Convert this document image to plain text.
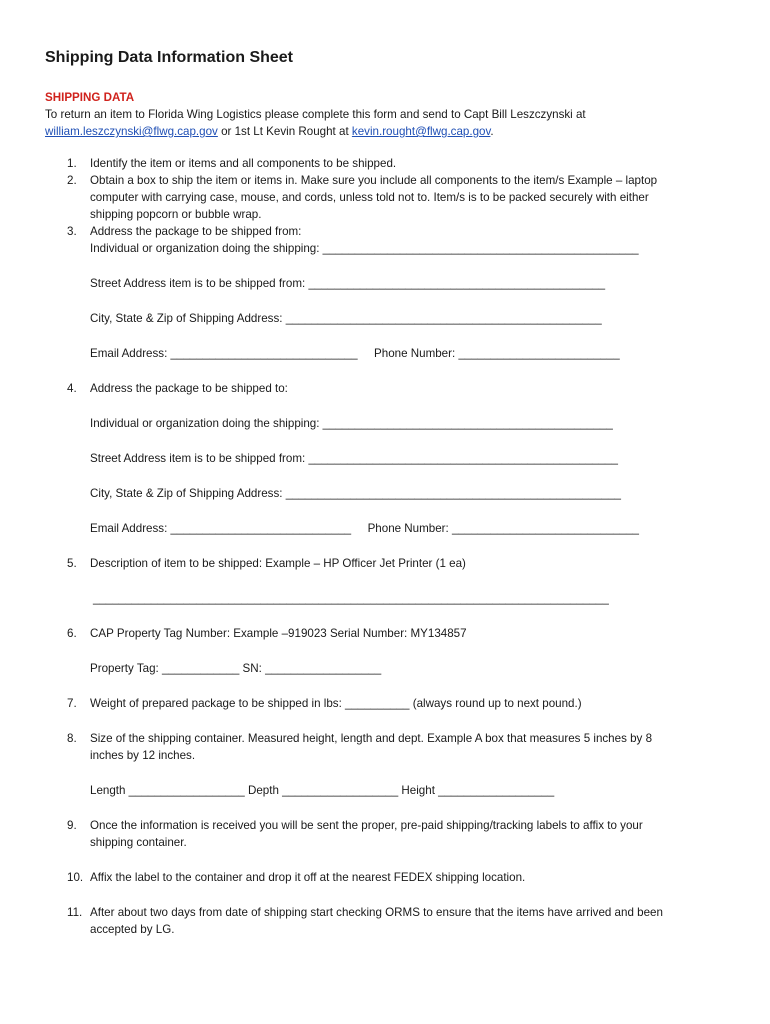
Shipping Data Information Sheet
SHIPPING DATA

To return an item to Florida Wing Logistics please complete this form and send to Capt Bill Leszczynski at
william.leszczynski@flwg.cap.gov or 1st Lt Kevin Rought at kevin.rought@flwg.cap.gov.

1. Identify the item or items and all components to be shipped.
2. Obtain a box to ship the item or items in. Make sure you include all components to the item/s Example – laptop
computer with carrying case, mouse, and cords, unless told not to. Item/s is to be packed securely with either
shipping popcorn or bubble wrap.
3. Address the package to be shipped from:
Individual or organization doing the shipping: _________________________________________________
Street Address item is to be shipped from: ______________________________________________
City, State & Zip of Shipping Address: _________________________________________________
Email Address: _____________________________ Phone Number: _________________________
4. Address the package to be shipped to:
Individual or organization doing the shipping: _____________________________________________
Street Address item is to be shipped from: ________________________________________________
City, State & Zip of Shipping Address: ____________________________________________________
Email Address: ____________________________ Phone Number: _____________________________
5. Description of item to be shipped: Example – HP Officer Jet Printer (1 ea)
________________________________________________________________________________
6. CAP Property Tag Number: Example –919023 Serial Number: MY134857
Property Tag: ____________ SN: __________________
7. Weight of prepared package to be shipped in lbs: __________ (always round up to next pound.)
8. Size of the shipping container. Measured height, length and dept. Example A box that measures 5 inches by 8
inches by 12 inches.
Length __________________ Depth __________________ Height __________________
9. Once the information is received you will be sent the proper, pre-paid shipping/tracking labels to affix to your
shipping container.
10. Affix the label to the container and drop it off at the nearest FEDEX shipping location.
11. After about two days from date of shipping start checking ORMS to ensure that the items have arrived and been
accepted by LG.
